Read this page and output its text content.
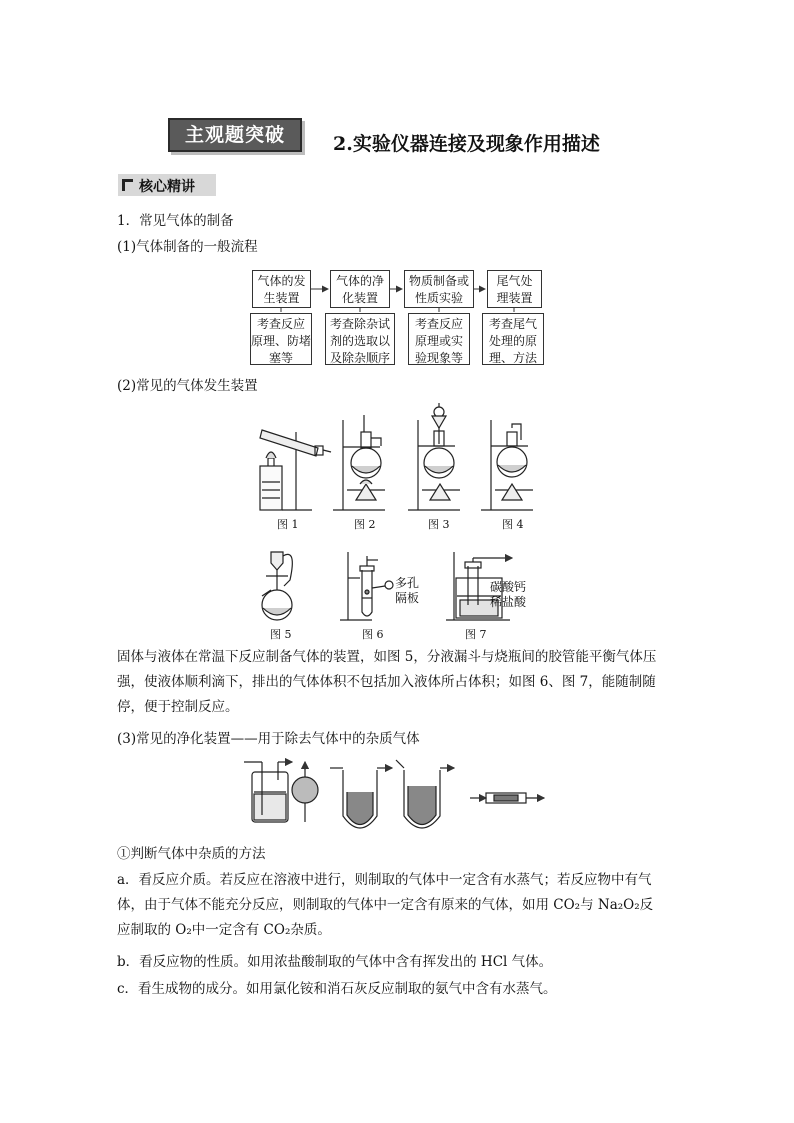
主观题突破	2.实验仪器连接及现象作用描述
核心精讲
1．常见气体的制备
(1)气体制备的一般流程
气体的发
生装置
气体的净
化装置
物质制备或
性质实验
尾气处
理装置
考查反应
原理、防堵
塞等
考查除杂试
剂的选取以
及除杂顺序
考查反应
原理或实
验现象等
考查尾气
处理的原
理、方法
图 1	图 2	图 3	图 4
图 5	图 6	图 7
多孔
隔板
碳酸钙
稀盐酸
(2)常见的气体发生装置
固体与液体在常温下反应制备气体的装置，如图 5，分液漏斗与烧瓶间的胶管能平衡气体压
强，使液体顺利滴下，排出的气体体积不包括加入液体所占体积；如图 6、图 7，能随制随
停，便于控制反应。
(3)常见的净化装置——用于除去气体中的杂质气体
①判断气体中杂质的方法
a．看反应介质。若反应在溶液中进行，则制取的气体中一定含有水蒸气；若反应物中有气
体，由于气体不能充分反应，则制取的气体中一定含有原来的气体，如用 CO₂与 Na₂O₂反
应制取的 O₂中一定含有 CO₂杂质。
b．看反应物的性质。如用浓盐酸制取的气体中含有挥发出的 HCl 气体。
c．看生成物的成分。如用氯化铵和消石灰反应制取的氨气中含有水蒸气。
